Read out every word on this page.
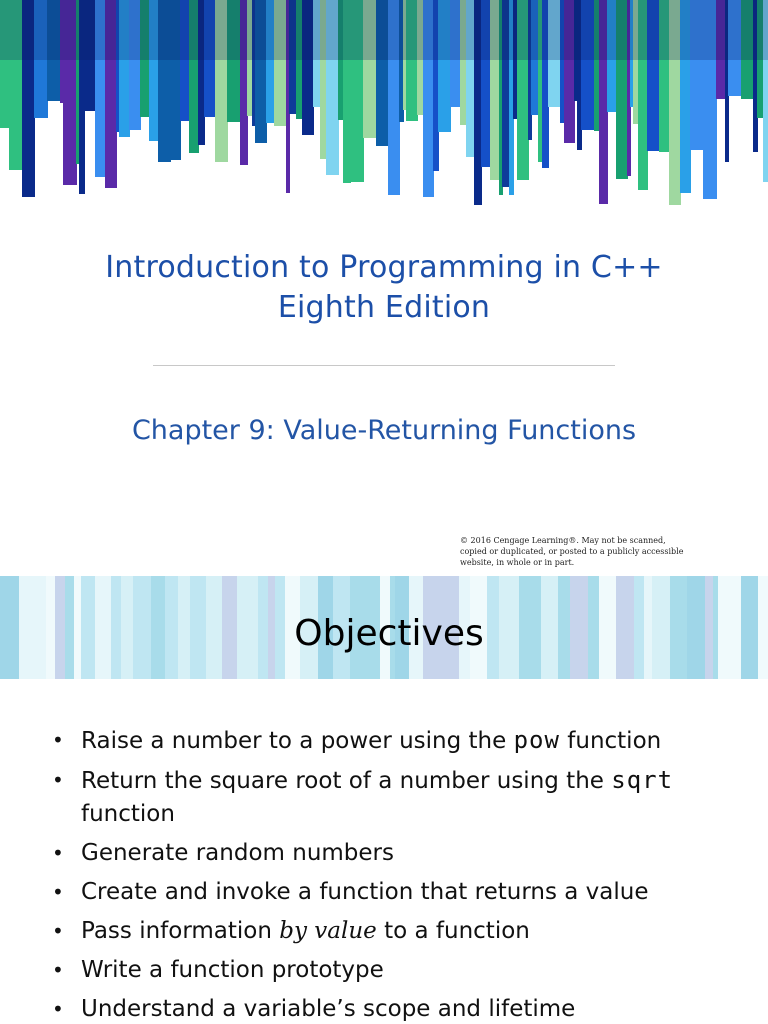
Introduction to Programming in C++
Eighth Edition
Chapter 9: Value-Returning Functions
© 2016 Cengage Learning®. May not be scanned, copied or duplicated, or posted to a publicly accessible website, in whole or in part.
Objectives
• Raise a number to a power using the pow function
• Return the square root of a number using the sqrt function
• Generate random numbers
• Create and invoke a function that returns a value
• Pass information by value to a function
• Write a function prototype
• Understand a variable’s scope and lifetime
